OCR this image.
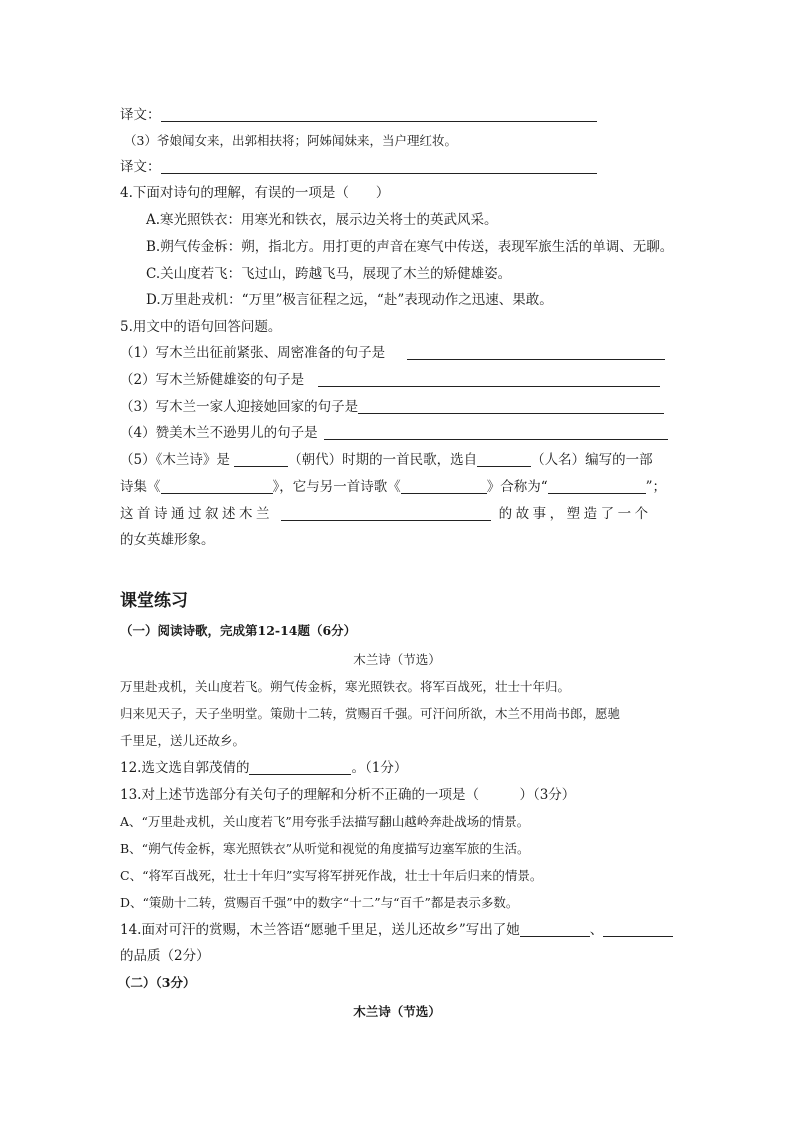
译文：
（3）爷娘闻女来，出郭相扶将；阿姊闻妹来，当户理红妆。
译文：
4.下面对诗句的理解，有误的一项是（　　）
A.寒光照铁衣：用寒光和铁衣，展示边关将士的英武风采。
B.朔气传金柝：朔，指北方。用打更的声音在寒气中传送，表现军旅生活的单调、无聊。
C.关山度若飞：飞过山，跨越飞马，展现了木兰的矫健雄姿。
D.万里赴戎机：“万里”极言征程之远，“赴”表现动作之迅速、果敢。
5.用文中的语句回答问题。
（1）写木兰出征前紧张、周密准备的句子是
（2）写木兰矫健雄姿的句子是
（3）写木兰一家人迎接她回家的句子是
（4）赞美木兰不逊男儿的句子是
（5）《木兰诗》是	（朝代）时期的一首民歌，选自	（人名）编写的一部
诗集《	》，它与另一首诗歌《	》合称为“	”；
这首诗通过叙述木兰	的故事，塑造了一个
的女英雄形象。
课堂练习
（一）阅读诗歌，完成第12-14题（6分）
木兰诗（节选）
万里赴戎机，关山度若飞。朔气传金柝，寒光照铁衣。将军百战死，壮士十年归。
归来见天子，天子坐明堂。策勋十二转，赏赐百千强。可汗问所欲，木兰不用尚书郎，愿驰
千里足，送儿还故乡。
12.选文选自郭茂倩的	。（1分）
13.对上述节选部分有关句子的理解和分析不正确的一项是（　　　）（3分）
A、“万里赴戎机，关山度若飞”用夸张手法描写翻山越岭奔赴战场的情景。
B、“朔气传金柝，寒光照铁衣”从听觉和视觉的角度描写边塞军旅的生活。
C、“将军百战死，壮士十年归”实写将军拼死作战，壮士十年后归来的情景。
D、“策勋十二转，赏赐百千强”中的数字“十二”与“百千”都是表示多数。
14.面对可汗的赏赐，木兰答语“愿驰千里足，送儿还故乡”写出了她	、
的品质（2分）
（二）（3分）
木兰诗（节选）
